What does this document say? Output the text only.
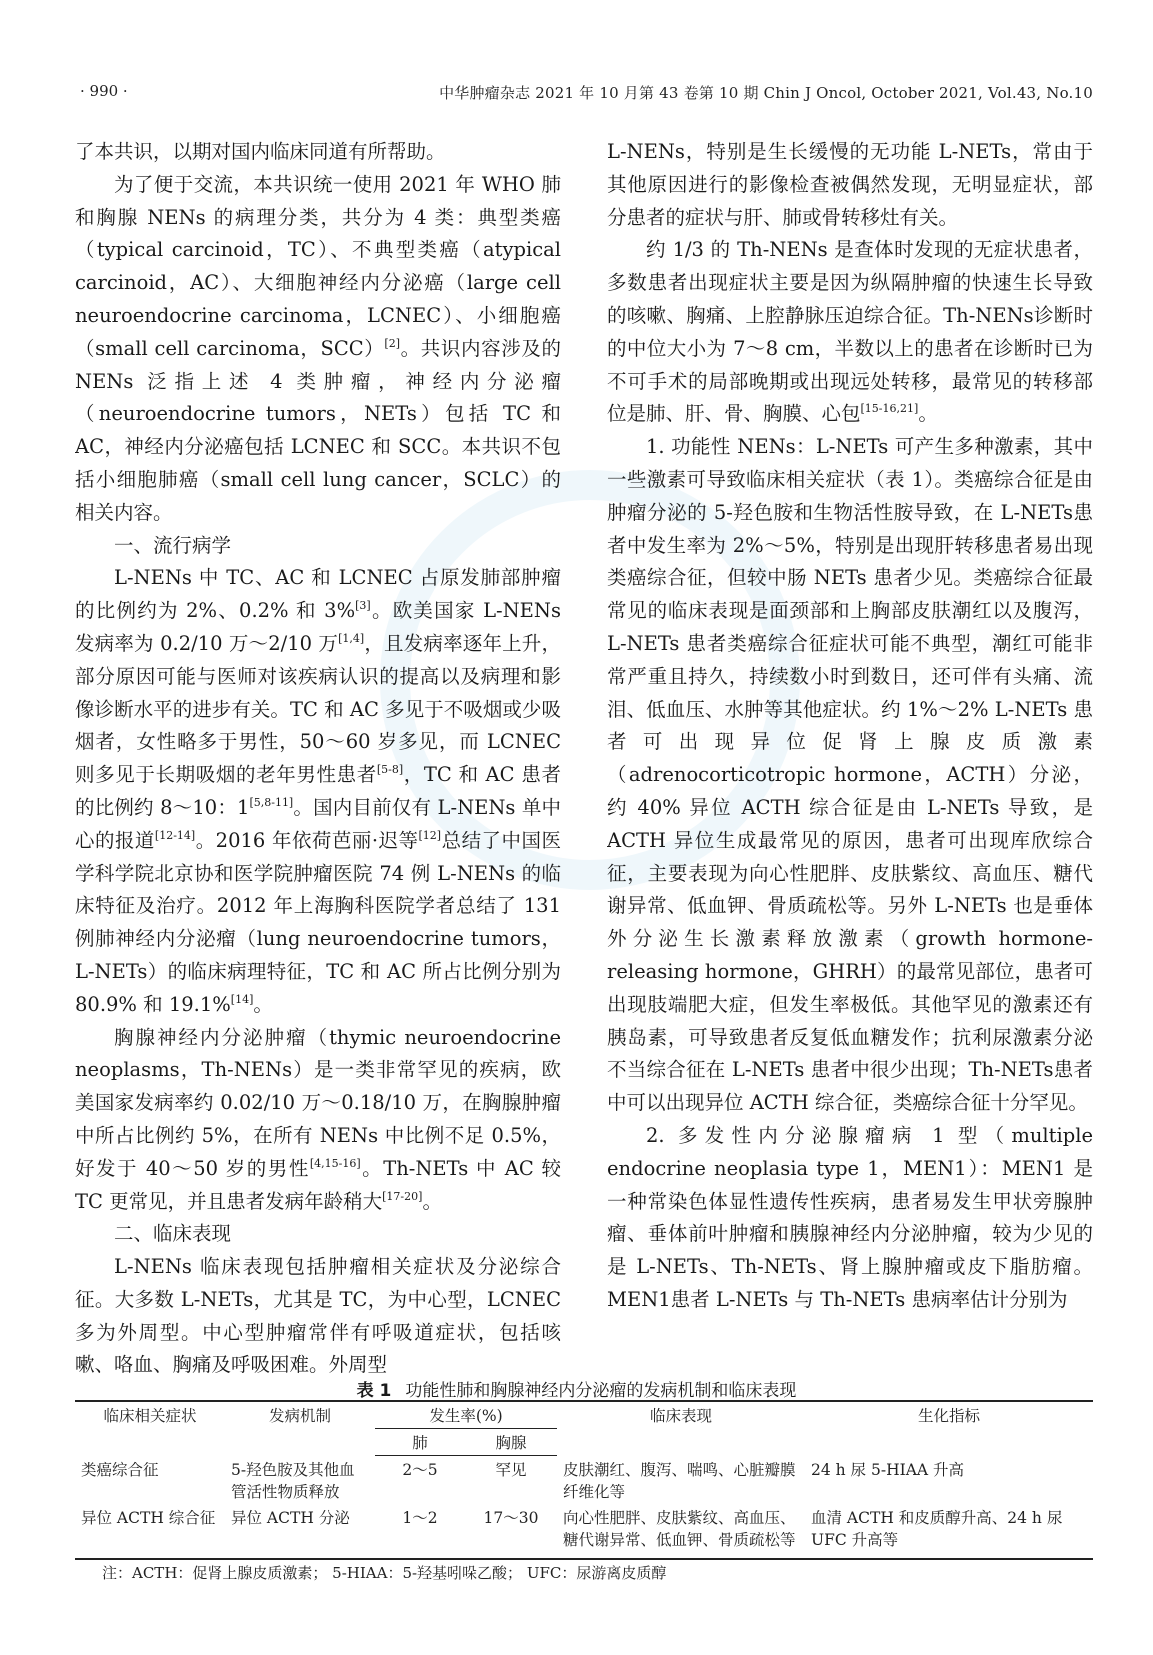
· 990 ·	中华肿瘤杂志 2021 年 10 月第 43 卷第 10 期 Chin J Oncol, October 2021, Vol.43, No.10

了本共识，以期对国内临床同道有所帮助。

为了便于交流，本共识统一使用 2021 年 WHO 肺和胸腺 NENs 的病理分类，共分为 4 类：典型类癌（typical carcinoid，TC）、不典型类癌（atypical carcinoid，AC）、大细胞神经内分泌癌（large cell neuroendocrine carcinoma，LCNEC）、小细胞癌（small cell carcinoma，SCC）[2]。共识内容涉及的 NENs 泛指上述 4 类肿瘤，神经内分泌瘤（neuroendocrine tumors，NETs）包括 TC 和 AC，神经内分泌癌包括 LCNEC 和 SCC。本共识不包括小细胞肺癌（small cell lung cancer，SCLC）的相关内容。

一、流行病学

L-NENs 中 TC、AC 和 LCNEC 占原发肺部肿瘤的比例约为 2%、0.2% 和 3%[3]。欧美国家 L-NENs 发病率为 0.2/10 万～2/10 万[1,4]，且发病率逐年上升，部分原因可能与医师对该疾病认识的提高以及病理和影像诊断水平的进步有关。TC 和 AC 多见于不吸烟或少吸烟者，女性略多于男性，50～60 岁多见，而 LCNEC 则多见于长期吸烟的老年男性患者[5-8]，TC 和 AC 患者的比例约 8～10：1[5,8-11]。国内目前仅有 L-NENs 单中心的报道[12-14]。2016 年依荷芭丽·迟等[12]总结了中国医学科学院北京协和医学院肿瘤医院 74 例 L-NENs 的临床特征及治疗。2012 年上海胸科医院学者总结了 131 例肺神经内分泌瘤（lung neuroendocrine tumors，L-NETs）的临床病理特征，TC 和 AC 所占比例分别为 80.9% 和 19.1%[14]。

胸腺神经内分泌肿瘤（thymic neuroendocrine neoplasms，Th-NENs）是一类非常罕见的疾病，欧美国家发病率约 0.02/10 万～0.18/10 万，在胸腺肿瘤中所占比例约 5%，在所有 NENs 中比例不足 0.5%，好发于 40～50 岁的男性[4,15-16]。Th-NETs 中 AC 较 TC 更常见，并且患者发病年龄稍大[17-20]。

二、临床表现

L-NENs 临床表现包括肿瘤相关症状及分泌综合征。大多数 L-NETs，尤其是 TC，为中心型，LCNEC 多为外周型。中心型肿瘤常伴有呼吸道症状，包括咳嗽、咯血、胸痛及呼吸困难。外周型

L-NENs，特别是生长缓慢的无功能 L-NETs，常由于其他原因进行的影像检查被偶然发现，无明显症状，部分患者的症状与肝、肺或骨转移灶有关。

约 1/3 的 Th-NENs 是查体时发现的无症状患者，多数患者出现症状主要是因为纵隔肿瘤的快速生长导致的咳嗽、胸痛、上腔静脉压迫综合征。Th-NENs诊断时的中位大小为 7～8 cm，半数以上的患者在诊断时已为不可手术的局部晚期或出现远处转移，最常见的转移部位是肺、肝、骨、胸膜、心包[15-16,21]。

1. 功能性 NENs：L-NETs 可产生多种激素，其中一些激素可导致临床相关症状（表 1）。类癌综合征是由肿瘤分泌的 5-羟色胺和生物活性胺导致，在 L-NETs患者中发生率为 2%～5%，特别是出现肝转移患者易出现类癌综合征，但较中肠 NETs 患者少见。类癌综合征最常见的临床表现是面颈部和上胸部皮肤潮红以及腹泻，L-NETs 患者类癌综合征症状可能不典型，潮红可能非常严重且持久，持续数小时到数日，还可伴有头痛、流泪、低血压、水肿等其他症状。约 1%～2% L-NETs 患者可出现异位促肾上腺皮质激素（adrenocorticotropic hormone，ACTH）分泌，约 40% 异位 ACTH 综合征是由 L-NETs 导致，是 ACTH 异位生成最常见的原因，患者可出现库欣综合征，主要表现为向心性肥胖、皮肤紫纹、高血压、糖代谢异常、低血钾、骨质疏松等。另外 L-NETs 也是垂体外分泌生长激素释放激素（growth hormone-releasing hormone，GHRH）的最常见部位，患者可出现肢端肥大症，但发生率极低。其他罕见的激素还有胰岛素，可导致患者反复低血糖发作；抗利尿激素分泌不当综合征在 L-NETs 患者中很少出现；Th-NETs患者中可以出现异位 ACTH 综合征，类癌综合征十分罕见。

2. 多发性内分泌腺瘤病 1 型（multiple endocrine neoplasia type 1，MEN1）：MEN1 是一种常染色体显性遗传性疾病，患者易发生甲状旁腺肿瘤、垂体前叶肿瘤和胰腺神经内分泌肿瘤，较为少见的是 L-NETs、Th-NETs、肾上腺肿瘤或皮下脂肪瘤。MEN1患者 L-NETs 与 Th-NETs 患病率估计分别为

表 1 功能性肺和胸腺神经内分泌瘤的发病机制和临床表现
临床相关症状	发病机制	发生率(%)		临床表现	生化指标
		肺	胸腺		
类癌综合征	5-羟色胺及其他血管活性物质释放	2～5	罕见	皮肤潮红、腹泻、喘鸣、心脏瓣膜纤维化等	24 h 尿 5-HIAA 升高
异位 ACTH 综合征	异位 ACTH 分泌	1～2	17～30	向心性肥胖、皮肤紫纹、高血压、糖代谢异常、低血钾、骨质疏松等	血清 ACTH 和皮质醇升高、24 h 尿 UFC 升高等
注：ACTH：促肾上腺皮质激素； 5-HIAA：5-羟基吲哚乙酸； UFC：尿游离皮质醇
